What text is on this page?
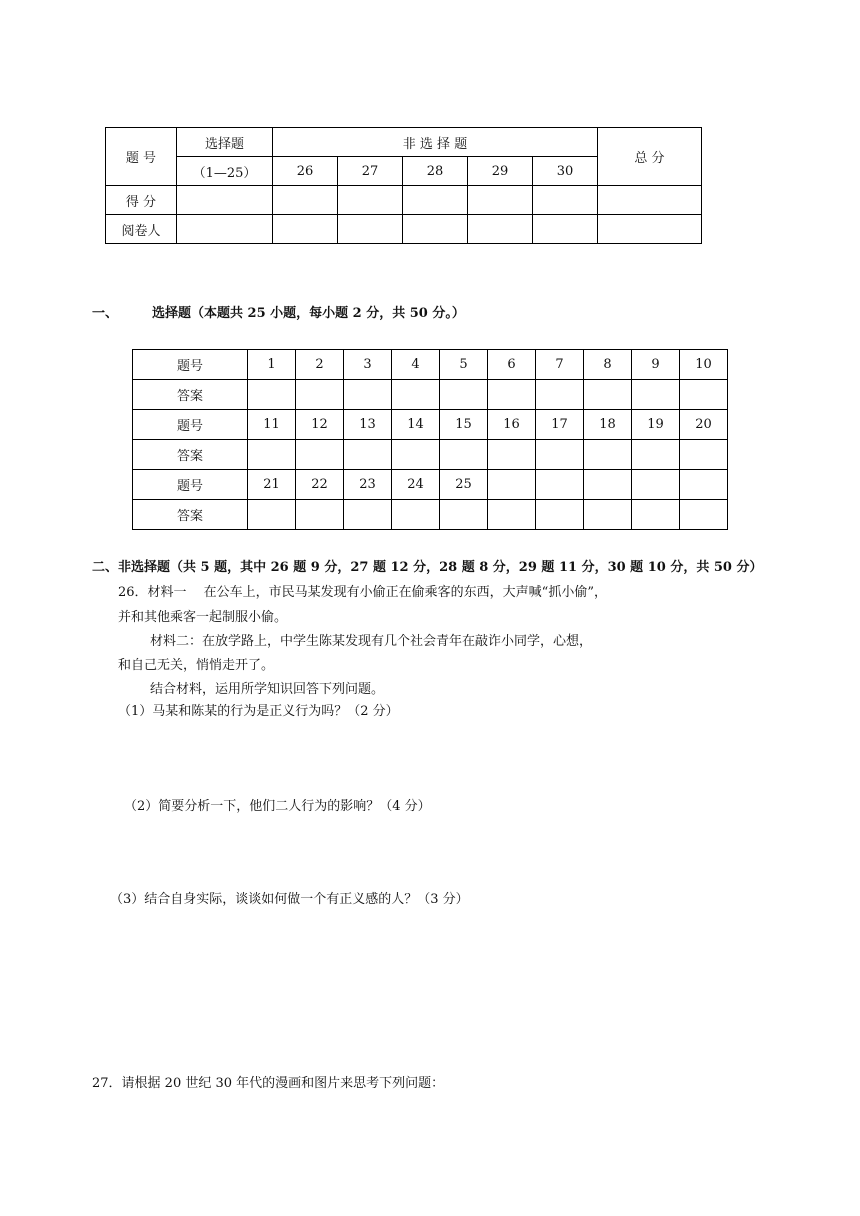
题 号	选择题	非 选 择 题					总 分
	（1—25）	26	27	28	29	30	
得 分							
阅卷人							
一、	选择题（本题共 25 小题，每小题 2 分，共 50 分。）
题号	1	2	3	4	5	6	7	8	9	10
答案										
题号	11	12	13	14	15	16	17	18	19	20
答案										
题号	21	22	23	24	25					
答案										
二、非选择题（共 5 题，其中 26 题 9 分，27 题 12 分，28 题 8 分，29 题 11 分，30 题 10 分，共 50 分）
26．材料一　 在公车上，市民马某发现有小偷正在偷乘客的东西，大声喊“抓小偷”，
并和其他乘客一起制服小偷。
材料二：在放学路上，中学生陈某发现有几个社会青年在敲诈小同学，心想，
和自己无关，悄悄走开了。
结合材料，运用所学知识回答下列问题。
（1）马某和陈某的行为是正义行为吗？（2 分）
（2）简要分析一下，他们二人行为的影响？（4 分）
（3）结合自身实际，谈谈如何做一个有正义感的人？（3 分）
27．请根据 20 世纪 30 年代的漫画和图片来思考下列问题：
